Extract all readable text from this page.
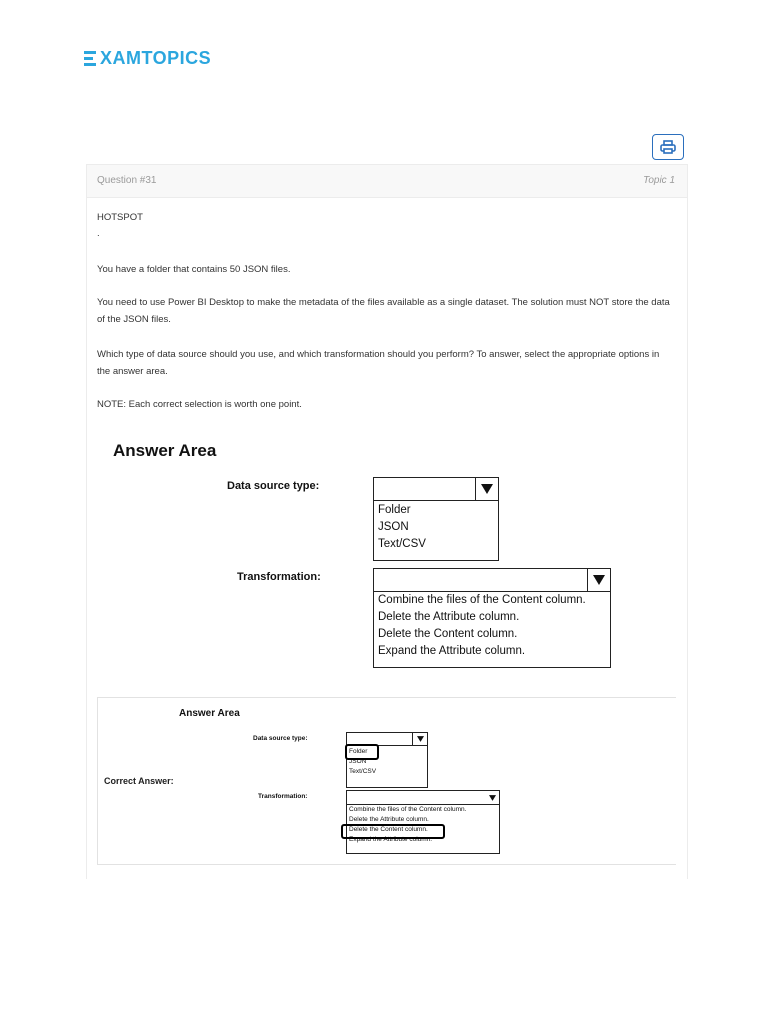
XAMTOPICS
Question #31	Topic 1
HOTSPOT
.
You have a folder that contains 50 JSON files.
You need to use Power BI Desktop to make the metadata of the files available as a single dataset. The solution must NOT store the data of the JSON files.
Which type of data source should you use, and which transformation should you perform? To answer, select the appropriate options in the answer area.
NOTE: Each correct selection is worth one point.
Answer Area
Data source type:
Folder
JSON
Text/CSV
Transformation:
Combine the files of the Content column.
Delete the Attribute column.
Delete the Content column.
Expand the Attribute column.
Correct Answer:
Answer Area
Data source type:
Folder
JSON
Text/CSV
Transformation:
Combine the files of the Content column.
Delete the Attribute column.
Delete the Content column.
Expand the Attribute column.
